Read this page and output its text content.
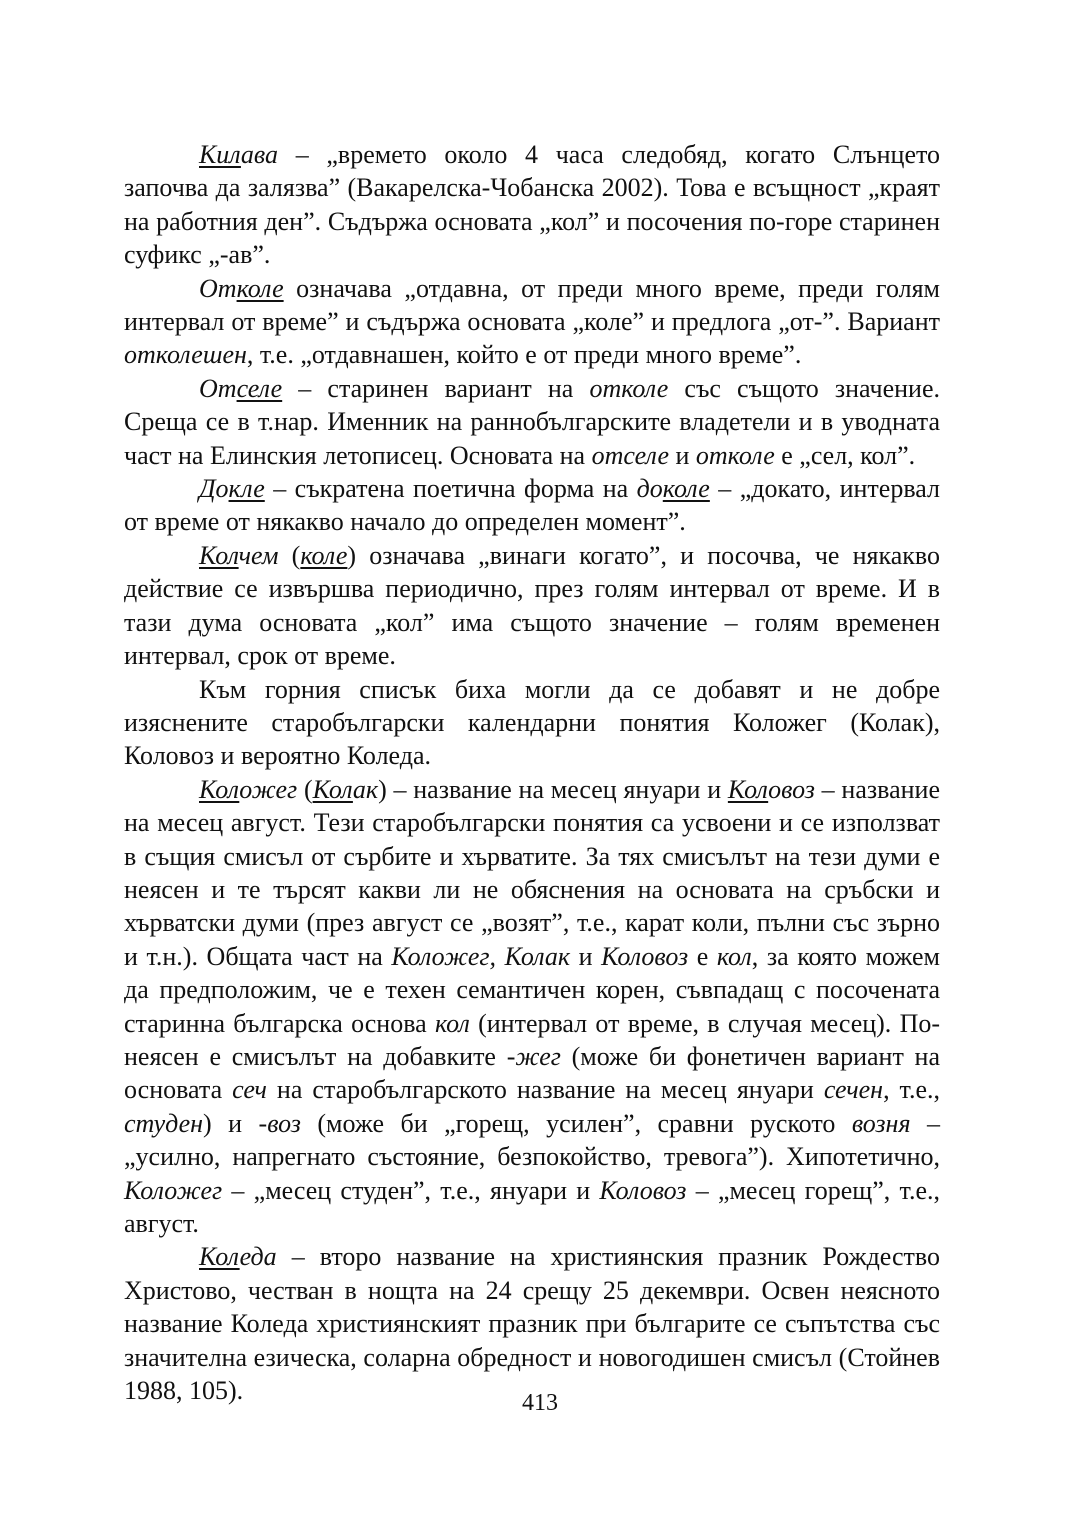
Килава – „времето около 4 часа следобяд, когато Слънцето започва да залязва” (Вакарелска-Чобанска 2002). Това е всъщност „краят на работния ден”. Съдържа основата „кол” и посочения по-горе старинен суфикс „-ав”.

Отколе означава „отдавна, от преди много време, преди голям интервал от време” и съдържа основата „коле” и предлога „от-”. Вариант отколешен, т.е. „отдавнашен, който е от преди много време”.

Отселе – старинен вариант на отколе със същото значение. Среща се в т.нар. Именник на раннобългарските владетели и в уводната част на Елинския летописец. Основата на отселе и отколе е „сел, кол”.

Докле – съкратена поетична форма на доколе – „докато, интервал от време от някакво начало до определен момент”.

Колчем (коле) означава „винаги когато”, и посочва, че някакво действие се извършва периодично, през голям интервал от време. И в тази дума основата „кол” има същото значение – голям временен интервал, срок от време.

Към горния списък биха могли да се добавят и не добре изяснените старобългарски календарни понятия Коложег (Колак), Коловоз и вероятно Коледа.

Коложег (Колак) – название на месец януари и Коловоз – название на месец август. Тези старобългарски понятия са усвоени и се използват в същия смисъл от сърбите и хърватите. За тях смисълът на тези думи е неясен и те търсят какви ли не обяснения на основата на сръбски и хърватски думи (през август се „возят”, т.е., карат коли, пълни със зърно и т.н.). Общата част на Коложег, Колак и Коловоз е кол, за която можем да предположим, че е техен семантичен корен, съвпадащ с посочената старинна българска основа кол (интервал от време, в случая месец). По-неясен е смисълът на добавките -жег (може би фонетичен вариант на основата сеч на старобългарското название на месец януари сечен, т.е., студен) и -воз (може би „горещ, усилен”, сравни руското возня – „усилно, напрегнато състояние, безпокойство, тревога”). Хипотетично, Коложег – „месец студен”, т.е., януари и Коловоз – „месец горещ”, т.е., август.

Коледа – второ название на християнския празник Рождество Христово, честван в нощта на 24 срещу 25 декември. Освен неясното название Коледа християнският празник при българите се съпътства със значителна езическа, соларна обредност и новогодишен смисъл (Стойнев 1988, 105).	413
